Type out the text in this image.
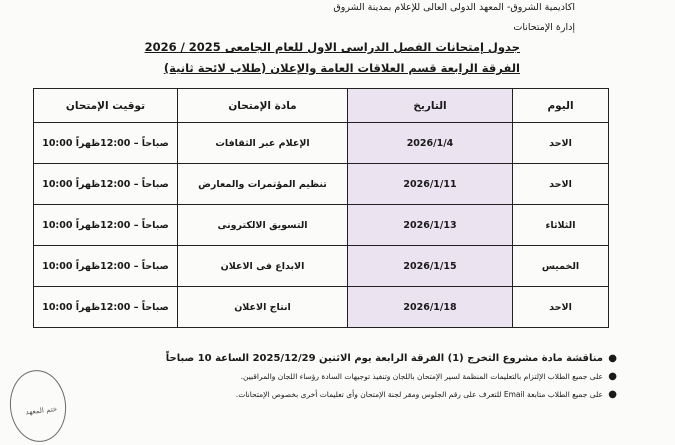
اكاديمية الشروق- المعهد الدولى العالى للإعلام بمدينة الشروق
إدارة الإمتحانات
جدول إمتحانات الفصل الدراسى الاول للعام الجامعى 2025 / 2026
الفرقة الرابعة قسم العلاقات العامة والإعلان (طلاب لائحة ثانية)
اليوم	التاريخ	مادة الإمتحان	توقيت الإمتحان
الاحد	2026/1/4	الإعلام عبر الثقافات	10:00 صباحاً – 12:00ظهراً
الاحد	2026/1/11	تنظيم المؤتمرات والمعارض	10:00 صباحاً – 12:00ظهراً
الثلاثاء	2026/1/13	التسويق الالكترونى	10:00 صباحاً – 12:00ظهراً
الخميس	2026/1/15	الابداع فى الاعلان	10:00 صباحاً – 12:00ظهراً
الاحد	2026/1/18	انتاج الاعلان	10:00 صباحاً – 12:00ظهراً
●
مناقشة مادة مشروع التخرج (1) الفرقة الرابعة يوم الاثنين 2025/12/29 الساعة 10 صباحاً
●
على جميع الطلاب الإلتزام بالتعليمات المنظمة لسير الإمتحان باللجان وتنفيذ توجيهات السادة رؤساء اللجان والمراقبين.
●
على جميع الطلاب متابعة Email للتعرف على رقم الجلوس ومقر لجنة الإمتحان وأى تعليمات أخرى بخصوص الإمتحانات.
ختم المعهد
